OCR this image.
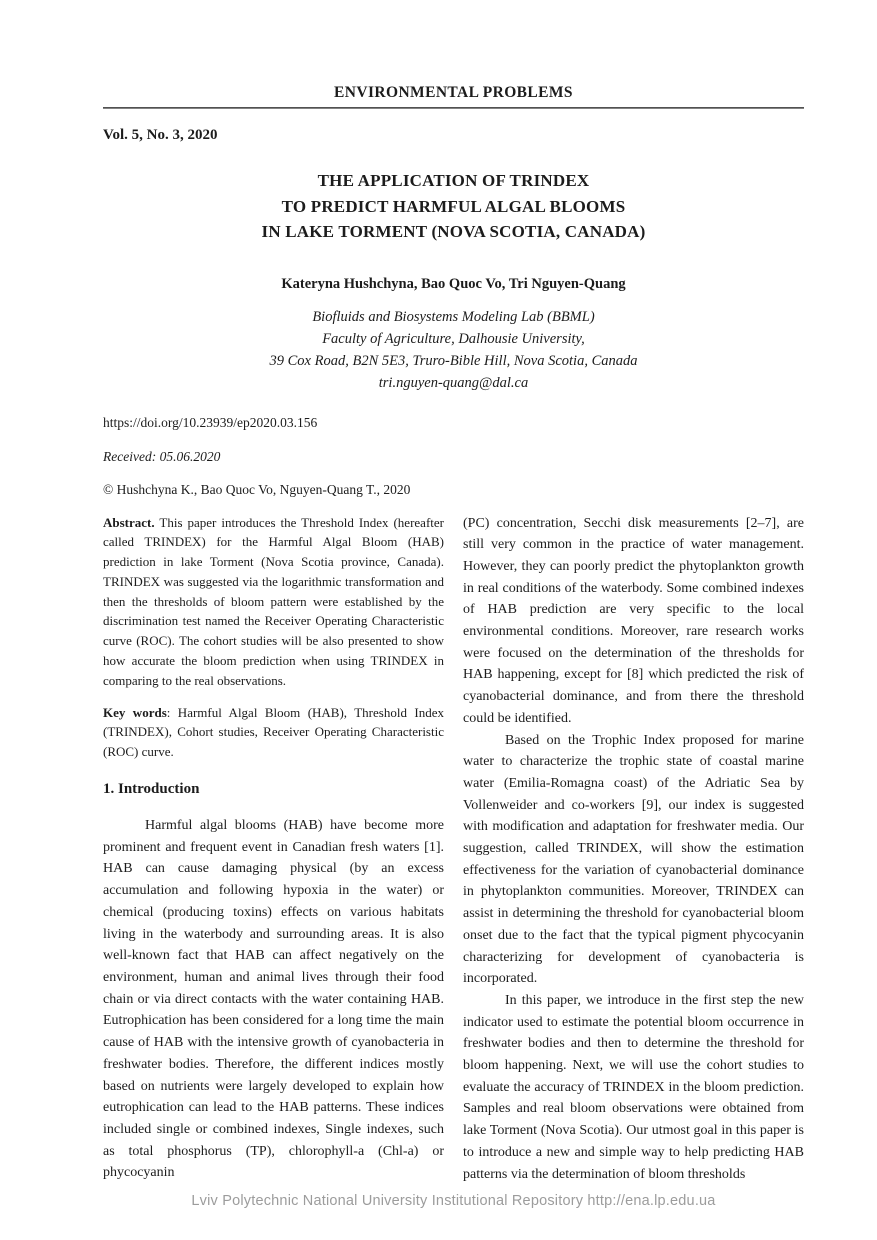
ENVIRONMENTAL PROBLEMS
Vol. 5, No. 3, 2020
THE APPLICATION OF TRINDEX
TO PREDICT HARMFUL ALGAL BLOOMS
IN LAKE TORMENT (NOVA SCOTIA, CANADA)
Kateryna Hushchyna, Bao Quoc Vo, Tri Nguyen-Quang
Biofluids and Biosystems Modeling Lab (BBML)
Faculty of Agriculture, Dalhousie University,
39 Cox Road, B2N 5E3, Truro-Bible Hill, Nova Scotia, Canada
tri.nguyen-quang@dal.ca
https://doi.org/10.23939/ep2020.03.156
Received: 05.06.2020
© Hushchyna K., Bao Quoc Vo, Nguyen-Quang T., 2020

Abstract. This paper introduces the Threshold Index (hereafter called TRINDEX) for the Harmful Algal Bloom (HAB) prediction in lake Torment (Nova Scotia province, Canada). TRINDEX was suggested via the logarithmic transformation and then the thresholds of bloom pattern were established by the discrimination test named the Receiver Operating Characteristic curve (ROC). The cohort studies will be also presented to show how accurate the bloom prediction when using TRINDEX in comparing to the real observations.

Key words: Harmful Algal Bloom (HAB), Threshold Index (TRINDEX), Cohort studies, Receiver Operating Characteristic (ROC) curve.

1. Introduction

Harmful algal blooms (HAB) have become more prominent and frequent event in Canadian fresh waters [1]. HAB can cause damaging physical (by an excess accumulation and following hypoxia in the water) or chemical (producing toxins) effects on various habitats living in the waterbody and surrounding areas. It is also well-known fact that HAB can affect negatively on the environment, human and animal lives through their food chain or via direct contacts with the water containing HAB. Eutrophication has been considered for a long time the main cause of HAB with the intensive growth of cyanobacteria in freshwater bodies. Therefore, the different indices mostly based on nutrients were largely developed to explain how eutrophication can lead to the HAB patterns. These indices included single or combined indexes, Single indexes, such as total phosphorus (TP), chlorophyll-a (Chl-a) or phycocyanin

(PC) concentration, Secchi disk measurements [2–7], are still very common in the practice of water management. However, they can poorly predict the phytoplankton growth in real conditions of the waterbody. Some combined indexes of HAB prediction are very specific to the local environmental conditions. Moreover, rare research works were focused on the determination of the thresholds for HAB happening, except for [8] which predicted the risk of cyanobacterial dominance, and from there the threshold could be identified.

Based on the Trophic Index proposed for marine water to characterize the trophic state of coastal marine water (Emilia-Romagna coast) of the Adriatic Sea by Vollenweider and co-workers [9], our index is suggested with modification and adaptation for freshwater media. Our suggestion, called TRINDEX, will show the estimation effectiveness for the variation of cyanobacterial dominance in phytoplankton communities. Moreover, TRINDEX can assist in determining the threshold for cyanobacterial bloom onset due to the fact that the typical pigment phycocyanin characterizing for development of cyanobacteria is incorporated.

In this paper, we introduce in the first step the new indicator used to estimate the potential bloom occurrence in freshwater bodies and then to determine the threshold for bloom happening. Next, we will use the cohort studies to evaluate the accuracy of TRINDEX in the bloom prediction. Samples and real bloom observations were obtained from lake Torment (Nova Scotia). Our utmost goal in this paper is to introduce a new and simple way to help predicting HAB patterns via the determination of bloom thresholds

Lviv Polytechnic National University Institutional Repository http://ena.lp.edu.ua
